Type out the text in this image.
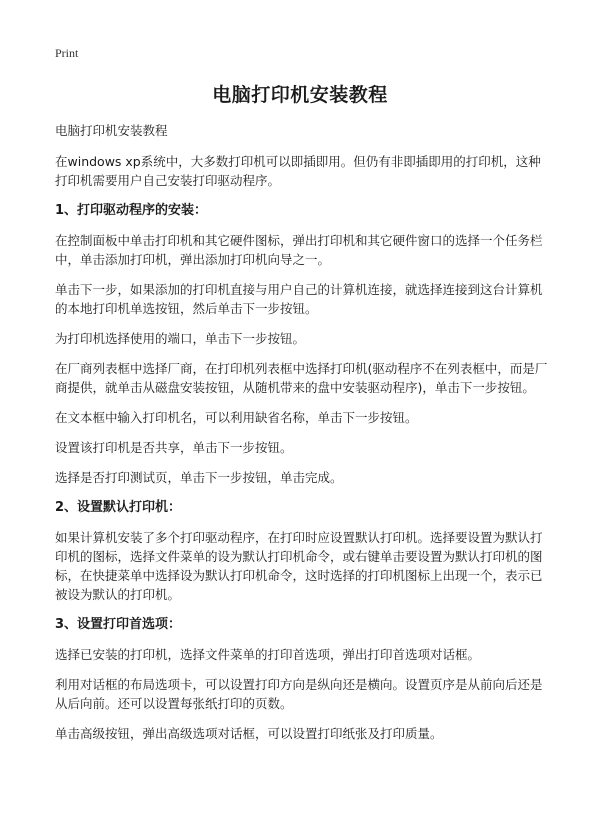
Print
电脑打印机安装教程

电脑打印机安装教程

在windows xp系统中，大多数打印机可以即插即用。但仍有非即插即用的打印机，这种打印机需要用户自己安装打印驱动程序。

1、打印驱动程序的安装：

在控制面板中单击打印机和其它硬件图标，弹出打印机和其它硬件窗口的选择一个任务栏中，单击添加打印机，弹出添加打印机向导之一。

单击下一步，如果添加的打印机直接与用户自己的计算机连接，就选择连接到这台计算机的本地打印机单选按钮，然后单击下一步按钮。

为打印机选择使用的端口，单击下一步按钮。

在厂商列表框中选择厂商，在打印机列表框中选择打印机(驱动程序不在列表框中，而是厂商提供，就单击从磁盘安装按钮，从随机带来的盘中安装驱动程序)，单击下一步按钮。

在文本框中输入打印机名，可以利用缺省名称，单击下一步按钮。

设置该打印机是否共享，单击下一步按钮。

选择是否打印测试页，单击下一步按钮，单击完成。

2、设置默认打印机：

如果计算机安装了多个打印驱动程序，在打印时应设置默认打印机。选择要设置为默认打印机的图标，选择文件菜单的设为默认打印机命令，或右键单击要设置为默认打印机的图标，在快捷菜单中选择设为默认打印机命令，这时选择的打印机图标上出现一个，表示已被设为默认的打印机。

3、设置打印首选项：

选择已安装的打印机，选择文件菜单的打印首选项，弹出打印首选项对话框。

利用对话框的布局选项卡，可以设置打印方向是纵向还是横向。设置页序是从前向后还是从后向前。还可以设置每张纸打印的页数。

单击高级按钮，弹出高级选项对话框，可以设置打印纸张及打印质量。
